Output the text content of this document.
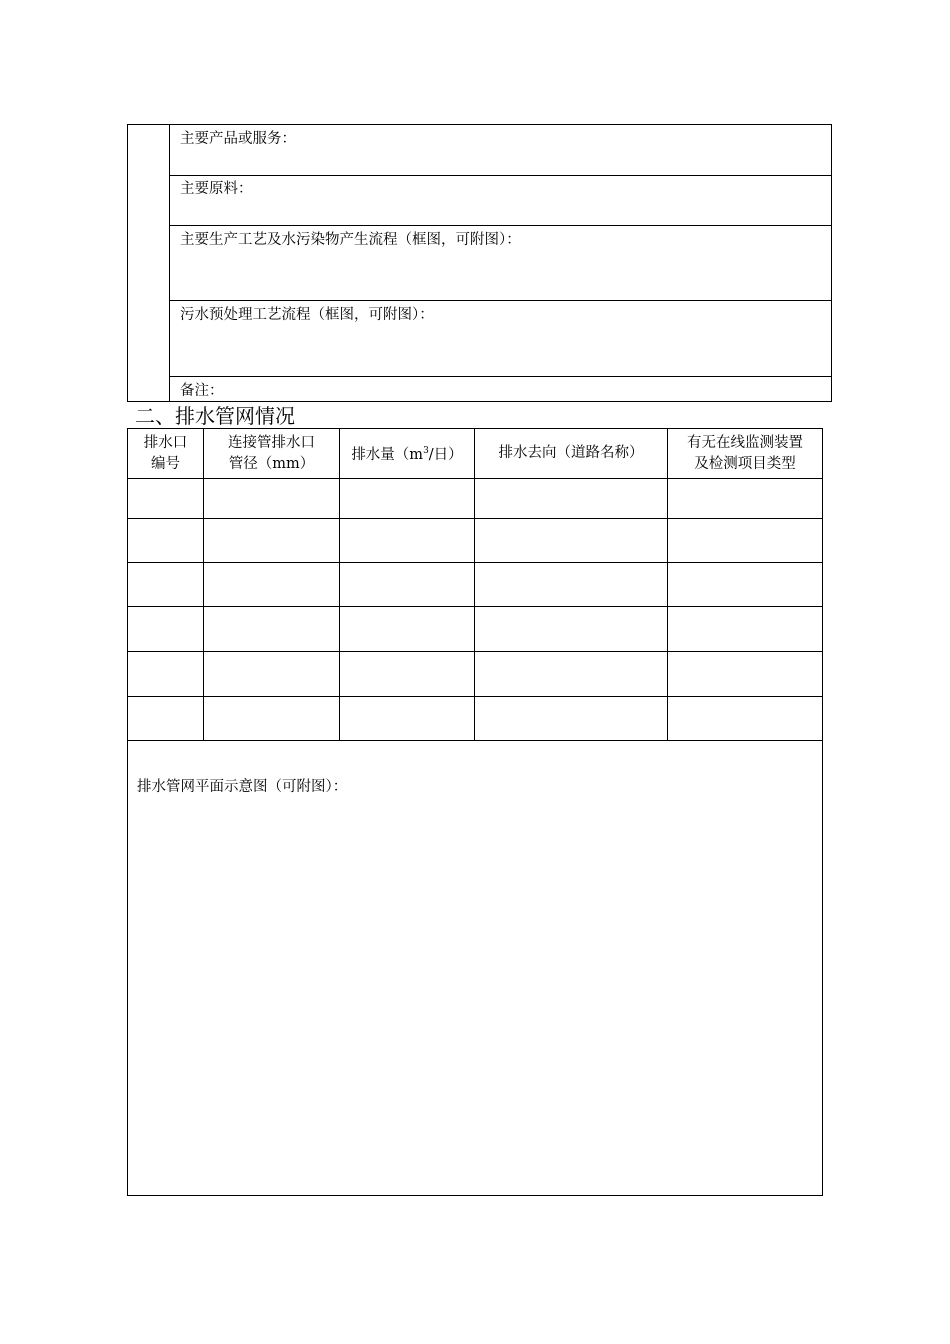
主要产品或服务：
主要原料：
主要生产工艺及水污染物产生流程（框图，可附图）：
污水预处理工艺流程（框图，可附图）：
备注：
二、排水管网情况
排水口
编号
连接管排水口
管径（mm）
排水量（$m^3/$日） 排水去向（道路名称）
有无在线监测装置
及检测项目类型
排水管网平面示意图（可附图）：
